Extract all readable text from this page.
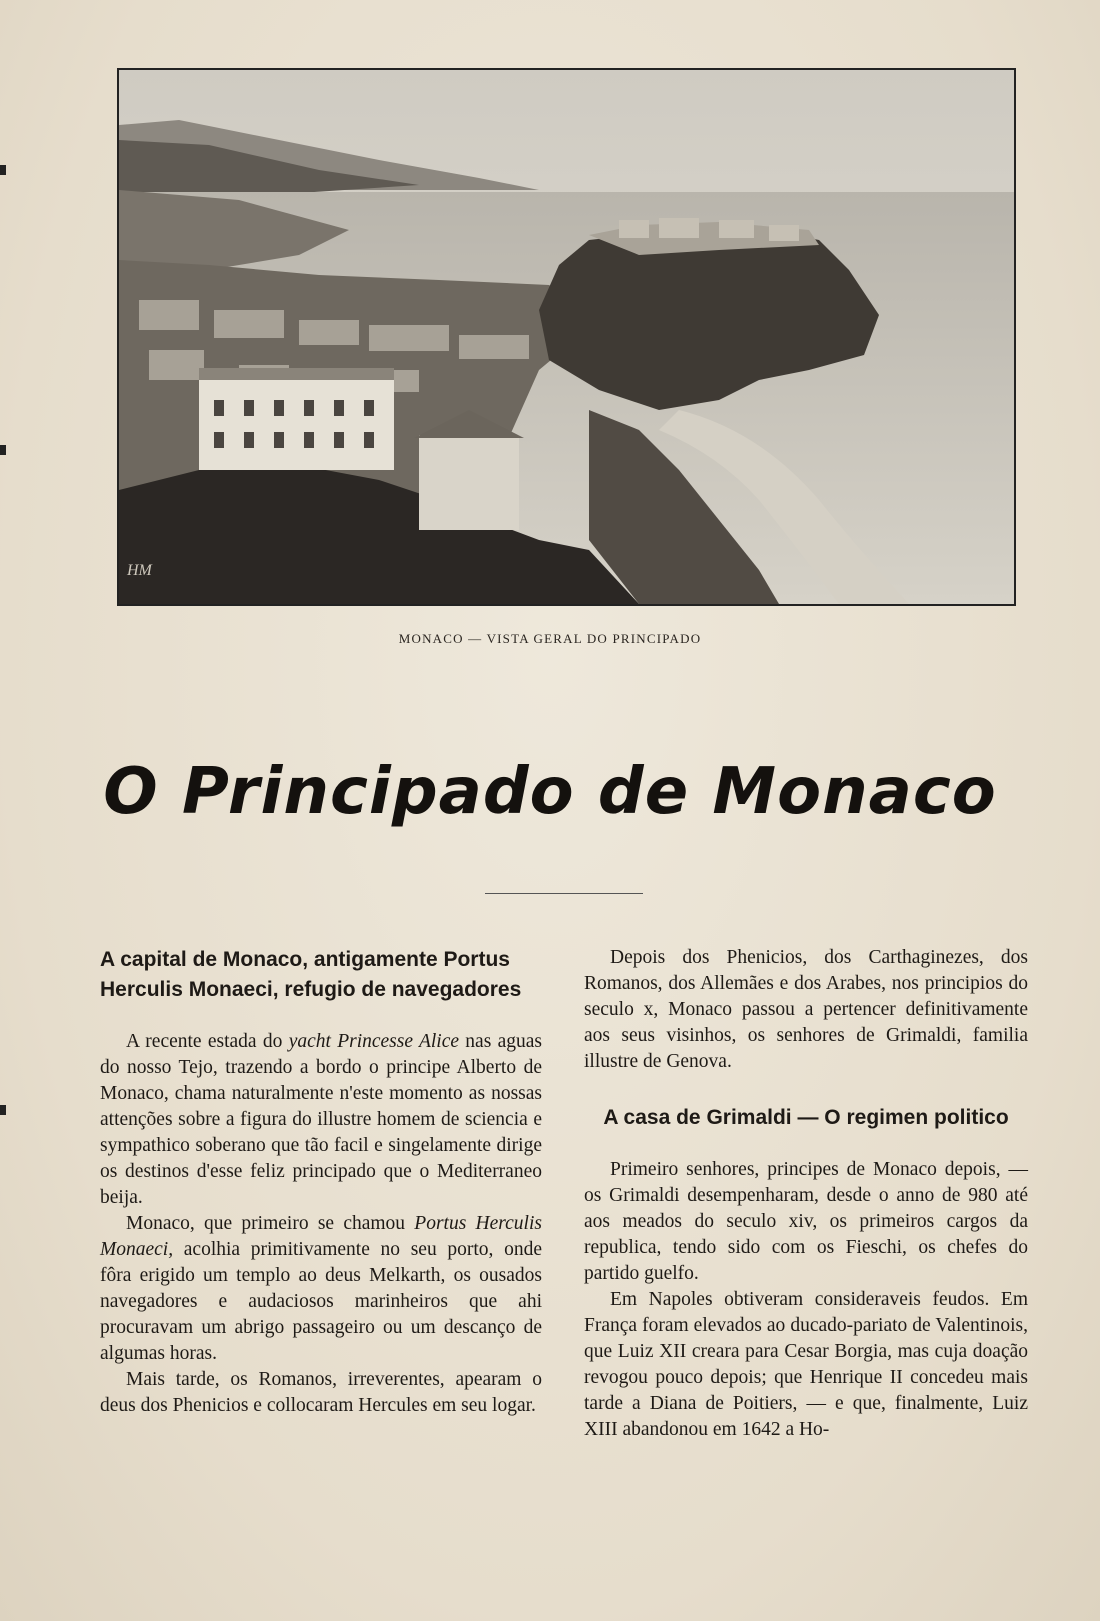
HM
MONACO — VISTA GERAL DO PRINCIPADO
O Principado de Monaco
A capital de Monaco, antigamente Portus Herculis Monaeci, refugio de navegadores

A recente estada do yacht Princesse Alice nas aguas do nosso Tejo, trazendo a bordo o principe Alberto de Monaco, chama naturalmente n'este momento as nossas attenções sobre a figura do illustre homem de sciencia e sympathico soberano que tão facil e singelamente dirige os destinos d'esse feliz principado que o Mediterraneo beija.

Monaco, que primeiro se chamou Portus Herculis Monaeci, acolhia primitivamente no seu porto, onde fôra erigido um templo ao deus Melkarth, os ousados navegadores e audaciosos marinheiros que ahi procuravam um abrigo passageiro ou um descanço de algumas horas.

Mais tarde, os Romanos, irreverentes, apearam o deus dos Phenicios e collocaram Hercules em seu logar.

Depois dos Phenicios, dos Carthaginezes, dos Romanos, dos Allemães e dos Arabes, nos principios do seculo x, Monaco passou a pertencer definitivamente aos seus visinhos, os senhores de Grimaldi, familia illustre de Genova.

A casa de Grimaldi — O regimen politico

Primeiro senhores, principes de Monaco depois, — os Grimaldi desempenharam, desde o anno de 980 até aos meados do seculo xiv, os primeiros cargos da republica, tendo sido com os Fieschi, os chefes do partido guelfo.

Em Napoles obtiveram consideraveis feudos. Em França foram elevados ao ducado-pariato de Valentinois, que Luiz XII creara para Cesar Borgia, mas cuja doação revogou pouco depois; que Henrique II concedeu mais tarde a Diana de Poitiers, — e que, finalmente, Luiz XIII abandonou em 1642 a Ho-
